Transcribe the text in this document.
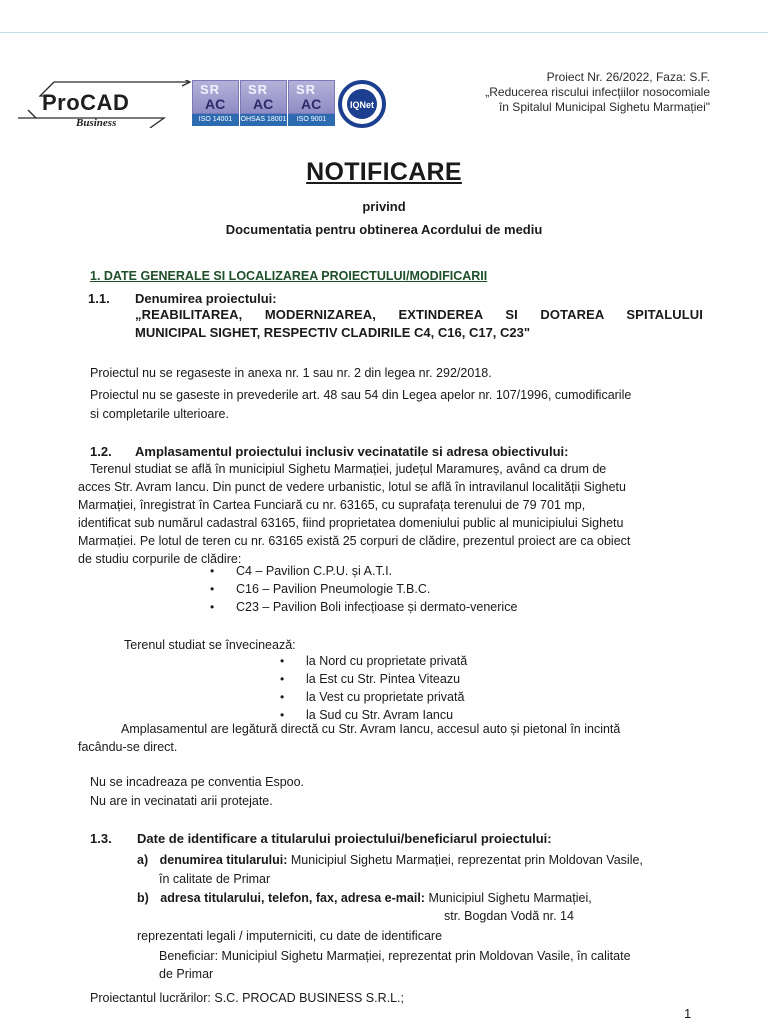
ProCAD
Business
SR
AC
ISO 14001
SR
AC
OHSAS 18001
SR
AC
ISO 9001
IQNet
Proiect Nr. 26/2022, Faza: S.F.
„Reducerea riscului infecțiilor nosocomiale
în Spitalul Municipal Sighetu Marmației"
NOTIFICARE
privind
Documentatia pentru obtinerea Acordului de mediu
1. DATE GENERALE SI LOCALIZAREA PROIECTULUI/MODIFICARII
1.1. Denumirea proiectului:
„REABILITAREA, MODERNIZAREA, EXTINDEREA SI DOTAREA SPITALULUI
MUNICIPAL SIGHET, RESPECTIV CLADIRILE C4, C16, C17, C23"
Proiectul nu se regaseste in anexa nr. 1 sau nr. 2 din legea nr. 292/2018.
Proiectul nu se gaseste in prevederile art. 48 sau 54 din Legea apelor nr. 107/1996, cumodificarile
si completarile ulterioare.
1.2. Amplasamentul proiectului inclusiv vecinatatile si adresa obiectivului:
Terenul studiat se află în municipiul Sighetu Marmației, județul Maramureș, având ca drum de
acces Str. Avram Iancu. Din punct de vedere urbanistic, lotul se află în intravilanul localității Sighetu
Marmației, înregistrat în Cartea Funciară cu nr. 63165, cu suprafața terenului de 79 701 mp,
identificat sub numărul cadastral 63165, fiind proprietatea domeniului public al municipiului Sighetu
Marmației. Pe lotul de teren cu nr. 63165 există 25 corpuri de clădire, prezentul proiect are ca obiect
de studiu corpurile de clădire:
• C4 – Pavilion C.P.U. și A.T.I.
• C16 – Pavilion Pneumologie T.B.C.
• C23 – Pavilion Boli infecțioase și dermato-venerice
Terenul studiat se învecinează:
• la Nord cu proprietate privată
• la Est cu Str. Pintea Viteazu
• la Vest cu proprietate privată
• la Sud cu Str. Avram Iancu
Amplasamentul are legătură directă cu Str. Avram Iancu, accesul auto și pietonal în incintă
facându-se direct.
Nu se incadreaza pe conventia Espoo.
Nu are in vecinatati arii protejate.
1.3. Date de identificare a titularului proiectului/beneficiarul proiectului:
a) denumirea titularului: Municipiul Sighetu Marmației, reprezentat prin Moldovan Vasile,
în calitate de Primar
b) adresa titularului, telefon, fax, adresa e-mail: Municipiul Sighetu Marmației,
str. Bogdan Vodă nr. 14
reprezentati legali / imputerniciti, cu date de identificare
Beneficiar: Municipiul Sighetu Marmației, reprezentat prin Moldovan Vasile, în calitate
de Primar
Proiectantul lucrărilor: S.C. PROCAD BUSINESS S.R.L.;
1
